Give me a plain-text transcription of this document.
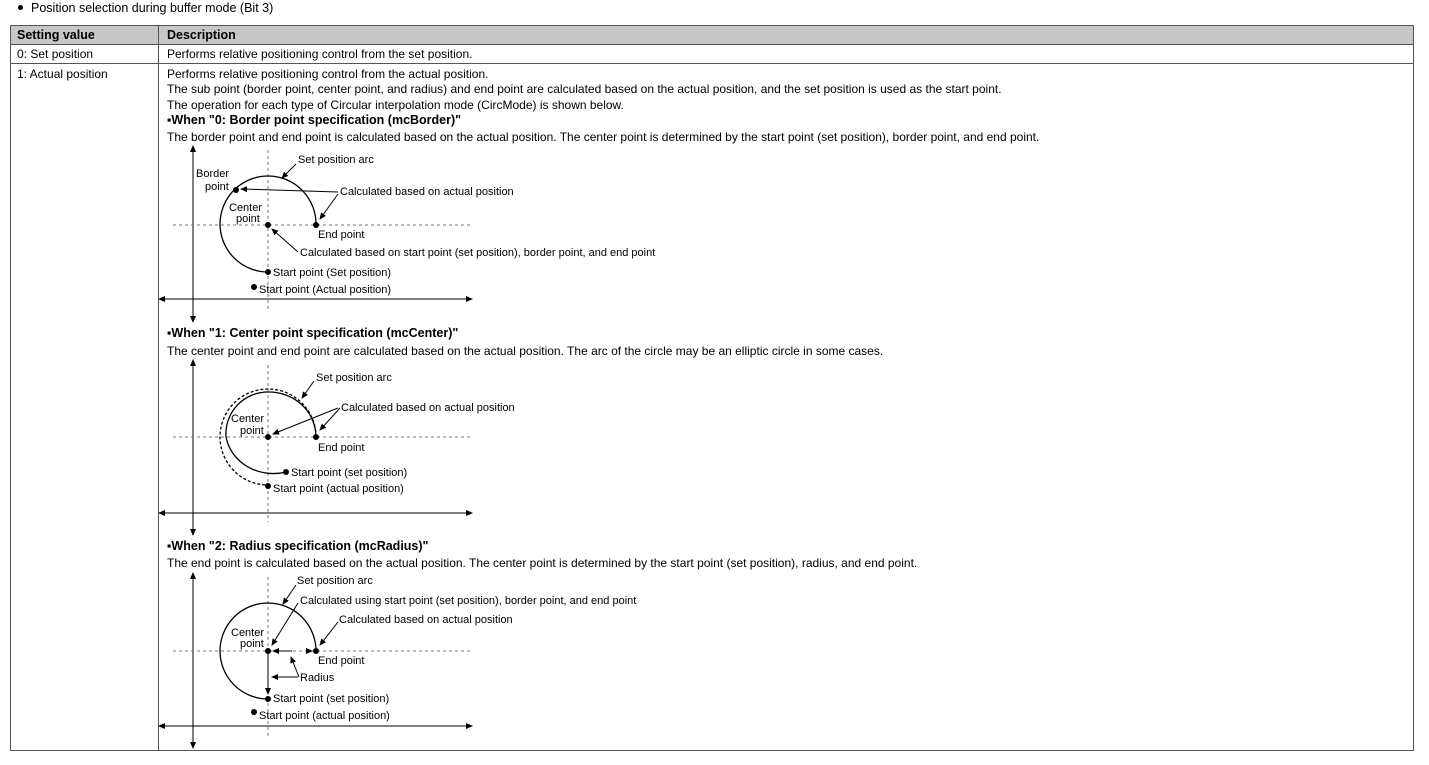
Position selection during buffer mode (Bit 3)
Setting value	Description
0: Set position	Performs relative positioning control from the set position.
1: Actual position	Performs relative positioning control from the actual position.
The sub point (border point, center point, and radius) and end point are calculated based on the actual position, and the set position is used as the start point.
The operation for each type of Circular interpolation mode (CircMode) is shown below.
▪When "0: Border point specification (mcBorder)"
The border point and end point is calculated based on the actual position. The center point is determined by the start point (set position), border point, and end point.
▪When "1: Center point specification (mcCenter)"
The center point and end point are calculated based on the actual position. The arc of the circle may be an elliptic circle in some cases.
▪When "2: Radius specification (mcRadius)"
The end point is calculated based on the actual position. The center point is determined by the start point (set position), radius, and end point.
Set position arc
Border
point	Calculated based on actual position
Center
point
End point
Calculated based on start point (set position), border point, and end point
Start point (Set position)
Start point (Actual position)
Set position arc
Calculated based on actual position
Center
point
End point
Start point (set position)
Start point (actual position)
Set position arc
Calculated using start point (set position), border point, and end point
Calculated based on actual position
Center
point
End point
Radius
Start point (set position)
Start point (actual position)
